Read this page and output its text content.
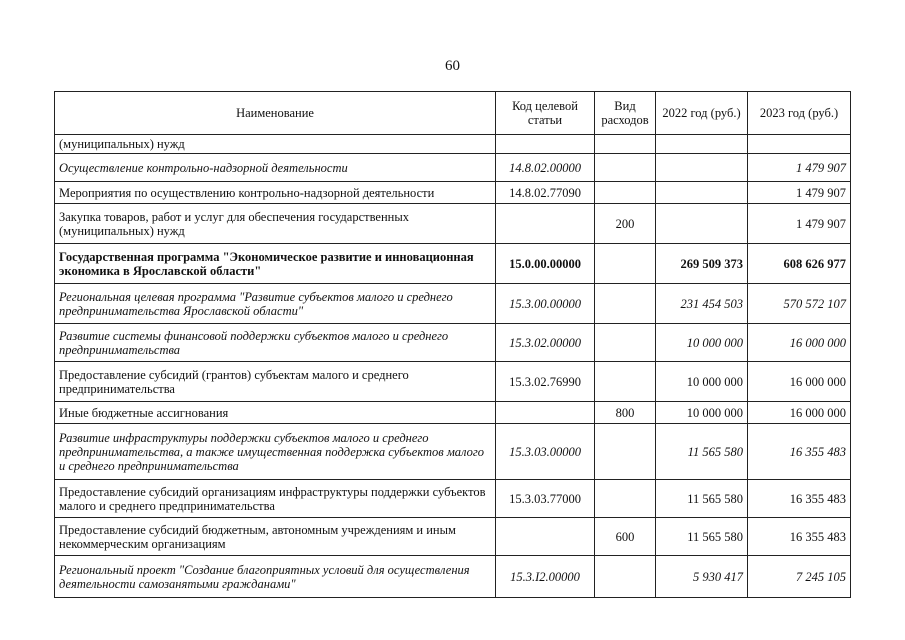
60
Наименование	Код целевой статьи	Вид расходов	2022 год (руб.)	2023 год (руб.)
(муниципальных) нужд				
Осуществление контрольно-надзорной деятельности	14.8.02.00000			1 479 907
Мероприятия по осуществлению контрольно-надзорной деятельности	14.8.02.77090			1 479 907
Закупка товаров, работ и услуг для обеспечения государственных (муниципальных) нужд		200		1 479 907
Государственная программа "Экономическое развитие и инновационная экономика в Ярославской области"	15.0.00.00000		269 509 373	608 626 977
Региональная целевая программа "Развитие субъектов малого и среднего предпринимательства Ярославской области"	15.3.00.00000		231 454 503	570 572 107
Развитие системы финансовой поддержки субъектов малого и среднего предпринимательства	15.3.02.00000		10 000 000	16 000 000
Предоставление субсидий (грантов) субъектам малого и среднего предпринимательства	15.3.02.76990		10 000 000	16 000 000
Иные бюджетные ассигнования		800	10 000 000	16 000 000
Развитие инфраструктуры поддержки субъектов малого и среднего предпринимательства, а также имущественная поддержка субъектов малого и среднего предпринимательства	15.3.03.00000		11 565 580	16 355 483
Предоставление субсидий организациям инфраструктуры поддержки субъектов малого и среднего предпринимательства	15.3.03.77000		11 565 580	16 355 483
Предоставление субсидий бюджетным, автономным учреждениям и иным некоммерческим организациям		600	11 565 580	16 355 483
Региональный проект "Создание благоприятных условий для осуществления деятельности самозанятыми гражданами"	15.3.I2.00000		5 930 417	7 245 105
